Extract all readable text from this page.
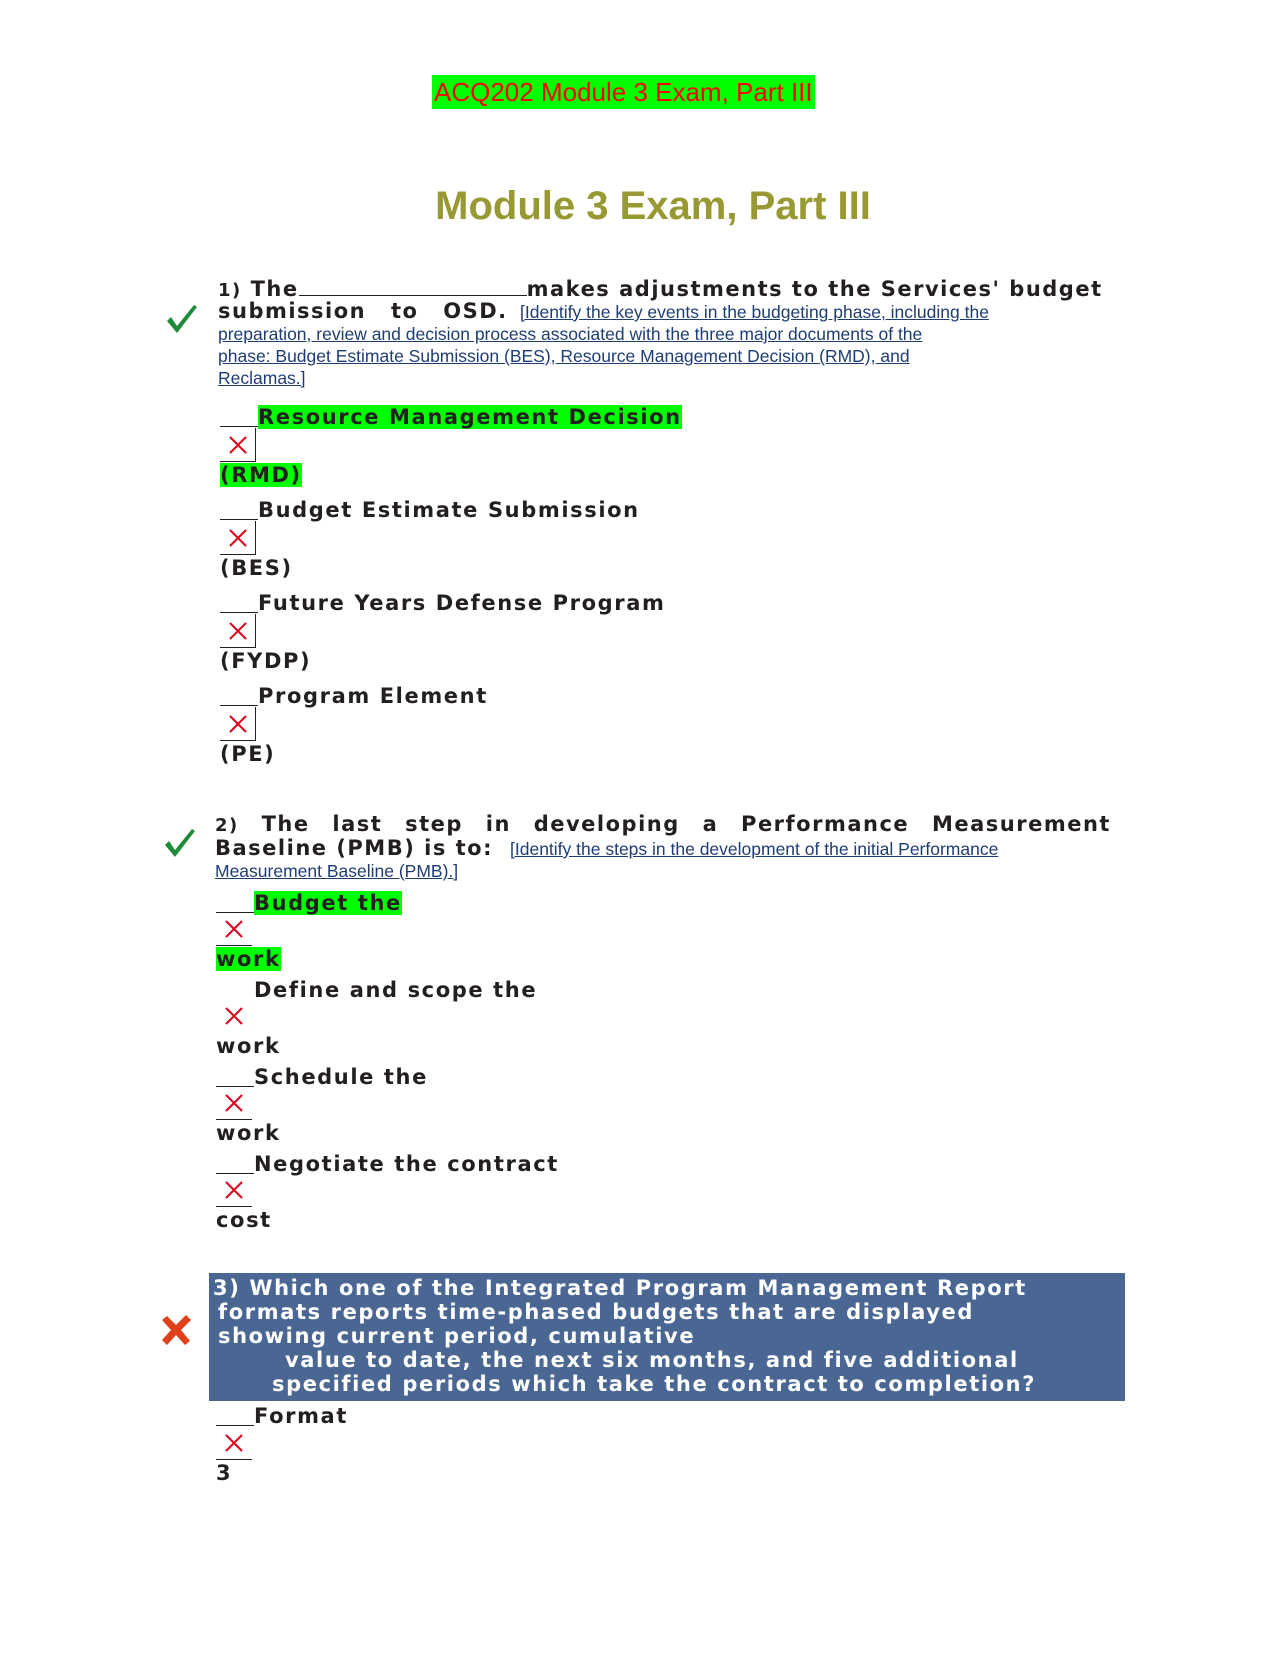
ACQ202 Module 3 Exam, Part III
Module 3 Exam, Part III
1) The	makes adjustments to the Services' budget
submission to OSD. [Identify the key events in the budgeting phase, including the
preparation, review and decision process associated with the three major documents of the
phase: Budget Estimate Submission (BES), Resource Management Decision (RMD), and
Reclamas.]
Resource Management Decision
(RMD)
Budget Estimate Submission
(BES)
Future Years Defense Program
(FYDP)
Program Element
(PE)
2) The last step in developing a Performance Measurement
Baseline (PMB) is to: [Identify the steps in the development of the initial Performance
Measurement Baseline (PMB).]
Budget the
work
Define and scope the
work
Schedule the
work
Negotiate the contract
cost
3) Which one of the Integrated Program Management Report
formats reports time-phased budgets that are displayed
showing current period, cumulative
value to date, the next six months, and five additional
specified periods which take the contract to completion?
Format
3
